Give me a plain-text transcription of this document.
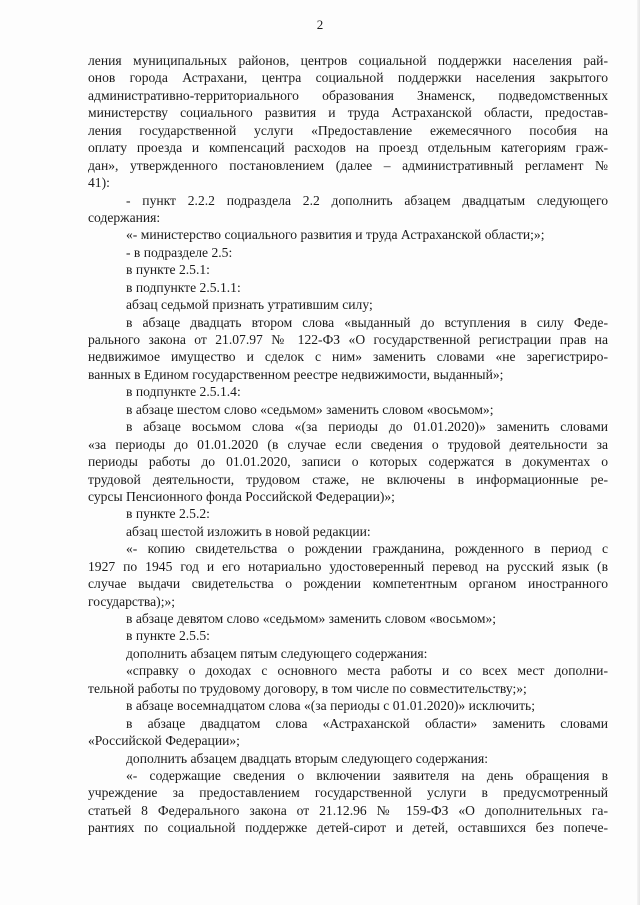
2
ления муниципальных районов, центров социальной поддержки населения рай-
онов города Астрахани, центра социальной поддержки населения закрытого
административно-территориального образования Знаменск, подведомственных
министерству социального развития и труда Астраханской области, предостав-
ления государственной услуги «Предоставление ежемесячного пособия на
оплату проезда и компенсаций расходов на проезд отдельным категориям граж-
дан», утвержденного постановлением (далее – административный регламент №
41):
- пункт 2.2.2 подраздела 2.2 дополнить абзацем двадцатым следующего
содержания:
«- министерство социального развития и труда Астраханской области;»;
- в подразделе 2.5:
в пункте 2.5.1:
в подпункте 2.5.1.1:
абзац седьмой признать утратившим силу;
в абзаце двадцать втором слова «выданный до вступления в силу Феде-
рального закона от 21.07.97 № 122-ФЗ «О государственной регистрации прав на
недвижимое имущество и сделок с ним» заменить словами «не зарегистриро-
ванных в Едином государственном реестре недвижимости, выданный»;
в подпункте 2.5.1.4:
в абзаце шестом слово «седьмом» заменить словом «восьмом»;
в абзаце восьмом слова «(за периоды до 01.01.2020)» заменить словами
«за периоды до 01.01.2020 (в случае если сведения о трудовой деятельности за
периоды работы до 01.01.2020, записи о которых содержатся в документах о
трудовой деятельности, трудовом стаже, не включены в информационные ре-
сурсы Пенсионного фонда Российской Федерации)»;
в пункте 2.5.2:
абзац шестой изложить в новой редакции:
«- копию свидетельства о рождении гражданина, рожденного в период с
1927 по 1945 год и его нотариально удостоверенный перевод на русский язык (в
случае выдачи свидетельства о рождении компетентным органом иностранного
государства);»;
в абзаце девятом слово «седьмом» заменить словом «восьмом»;
в пункте 2.5.5:
дополнить абзацем пятым следующего содержания:
«справку о доходах с основного места работы и со всех мест дополни-
тельной работы по трудовому договору, в том числе по совместительству;»;
в абзаце восемнадцатом слова «(за периоды с 01.01.2020)» исключить;
в абзаце двадцатом слова «Астраханской области» заменить словами
«Российской Федерации»;
дополнить абзацем двадцать вторым следующего содержания:
«- содержащие сведения о включении заявителя на день обращения в
учреждение за предоставлением государственной услуги в предусмотренный
статьей 8 Федерального закона от 21.12.96 № 159-ФЗ «О дополнительных га-
рантиях по социальной поддержке детей-сирот и детей, оставшихся без попече-
